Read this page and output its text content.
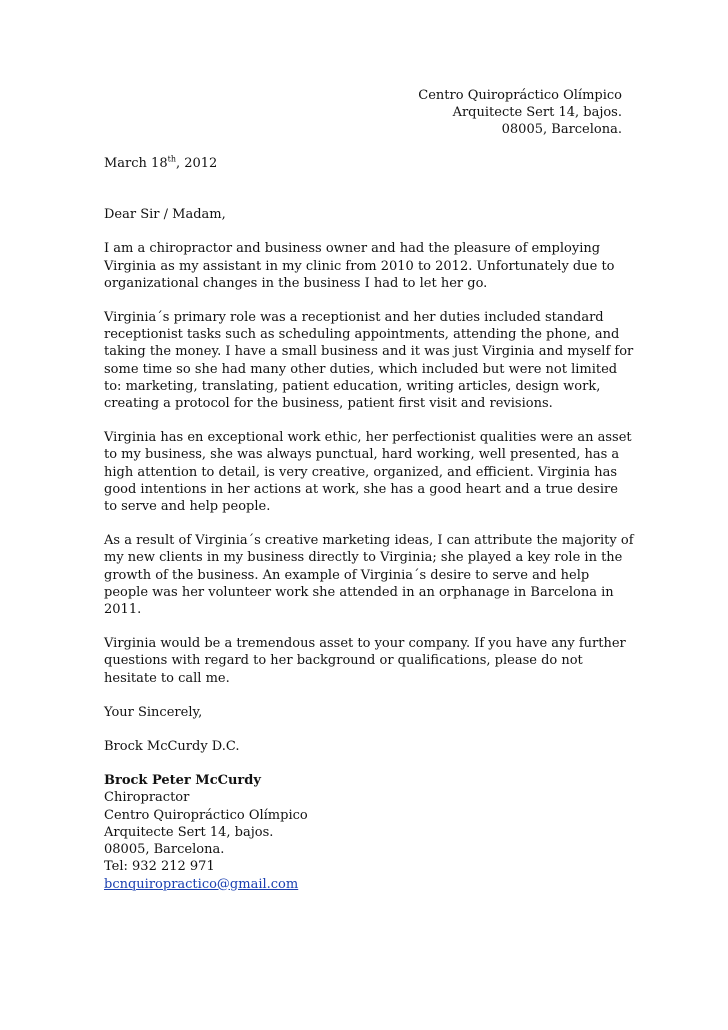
Centro Quiropráctico Olímpico
Arquitecte Sert 14, bajos.
08005, Barcelona.

March 18th, 2012

Dear Sir / Madam,

I am a chiropractor and business owner and had the pleasure of employing Virginia as my assistant in my clinic from 2010 to 2012. Unfortunately due to organizational changes in the business I had to let her go.

Virginia´s primary role was a receptionist and her duties included standard receptionist tasks such as scheduling appointments, attending the phone, and taking the money. I have a small business and it was just Virginia and myself for some time so she had many other duties, which included but were not limited to: marketing, translating, patient education, writing articles, design work, creating a protocol for the business, patient first visit and revisions.

Virginia has en exceptional work ethic, her perfectionist qualities were an asset to my business, she was always punctual, hard working, well presented, has a high attention to detail, is very creative, organized, and efficient. Virginia has good intentions in her actions at work, she has a good heart and a true desire to serve and help people.

As a result of Virginia´s creative marketing ideas, I can attribute the majority of my new clients in my business directly to Virginia; she played a key role in the growth of the business. An example of Virginia´s desire to serve and help people was her volunteer work she attended in an orphanage in Barcelona in 2011.

Virginia would be a tremendous asset to your company. If you have any further questions with regard to her background or qualifications, please do not hesitate to call me.

Your Sincerely,

Brock McCurdy D.C.

Brock Peter McCurdy
Chiropractor
Centro Quiropráctico Olímpico
Arquitecte Sert 14, bajos.
08005, Barcelona.
Tel: 932 212 971
bcnquiropractico@gmail.com
